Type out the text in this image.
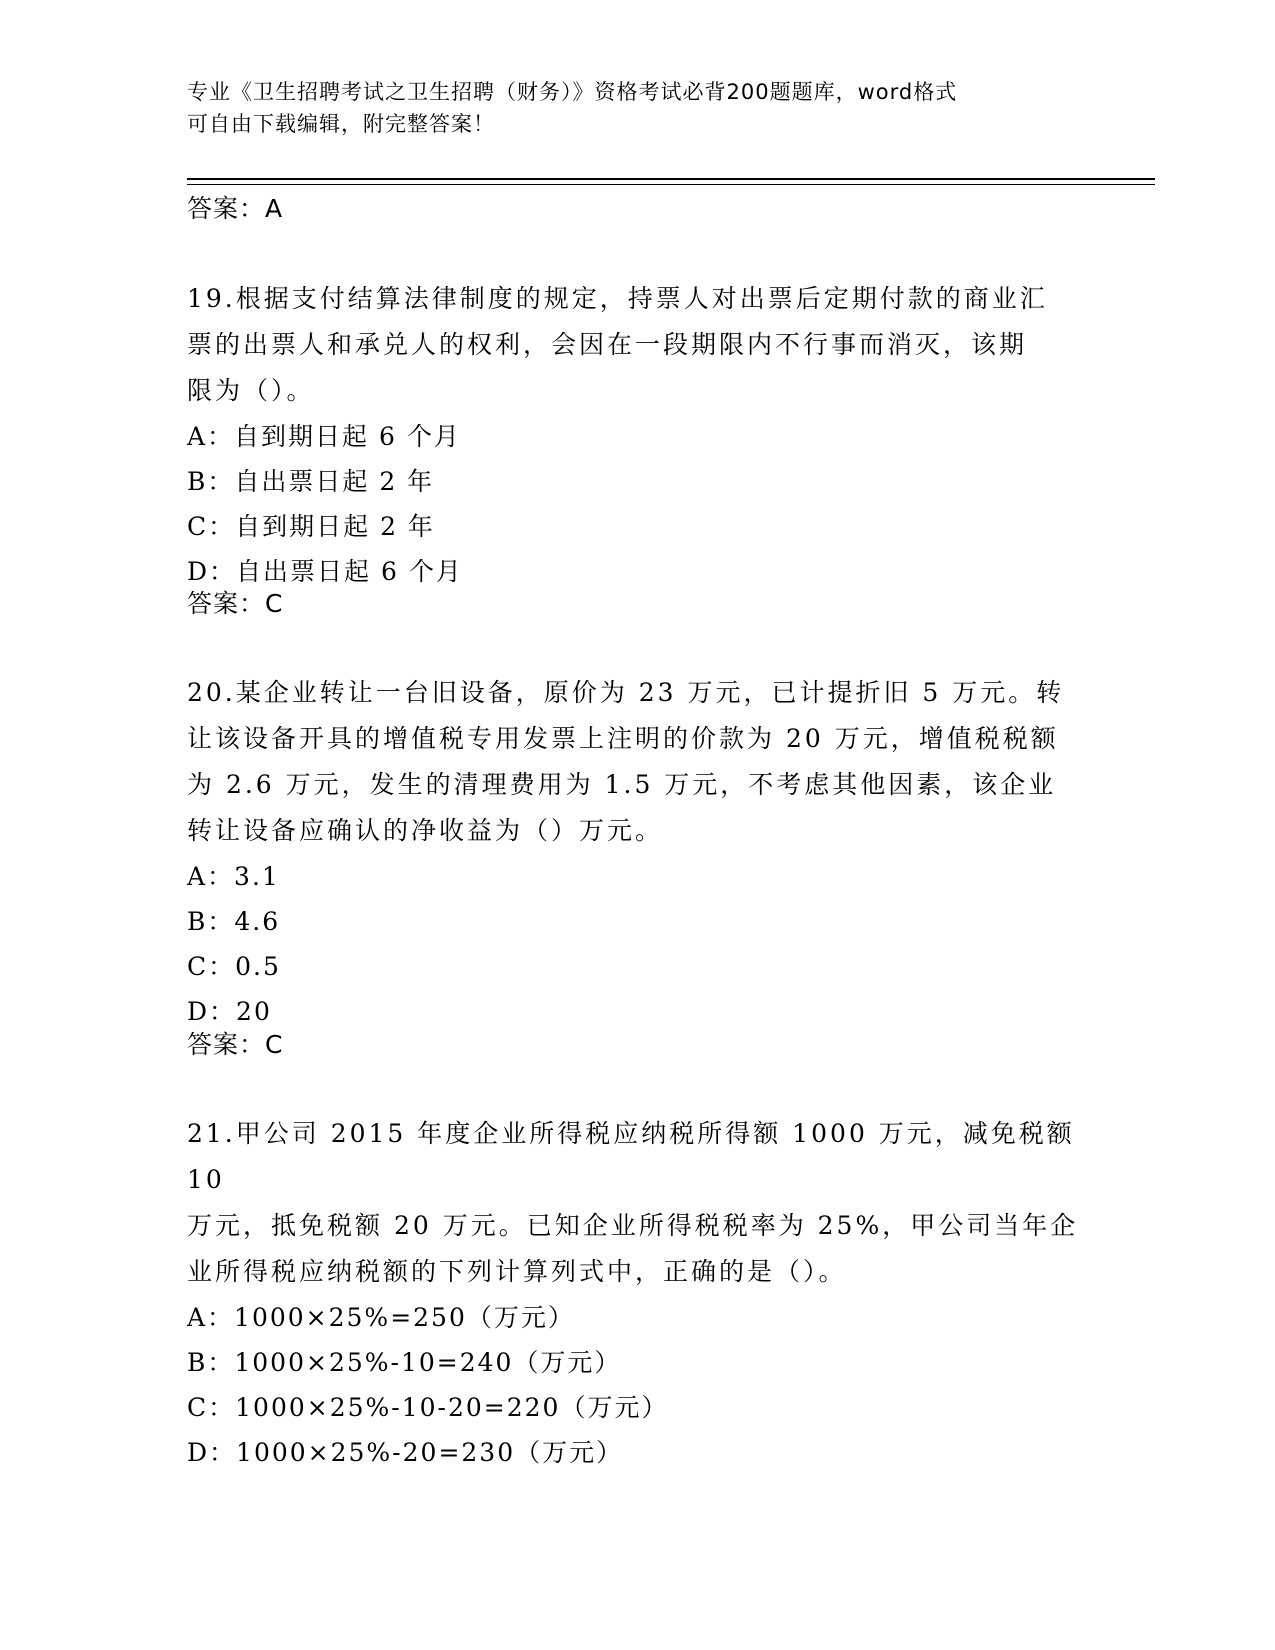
专业《卫生招聘考试之卫生招聘（财务）》资格考试必背200题题库，word格式
可自由下载编辑，附完整答案！
答案：A
19.根据支付结算法律制度的规定，持票人对出票后定期付款的商业汇
票的出票人和承兑人的权利，会因在一段期限内不行事而消灭，该期
限为（）。
A：自到期日起 6 个月
B：自出票日起 2 年
C：自到期日起 2 年
D：自出票日起 6 个月
答案：C
20.某企业转让一台旧设备，原价为 23 万元，已计提折旧 5 万元。转
让该设备开具的增值税专用发票上注明的价款为 20 万元，增值税税额
为 2.6 万元，发生的清理费用为 1.5 万元，不考虑其他因素，该企业
转让设备应确认的净收益为（）万元。
A：3.1
B：4.6
C：0.5
D：20
答案：C
21.甲公司 2015 年度企业所得税应纳税所得额 1000 万元，减免税额 10
万元，抵免税额 20 万元。已知企业所得税税率为 25%，甲公司当年企
业所得税应纳税额的下列计算列式中，正确的是（）。
A：1000×25%=250（万元）
B：1000×25%-10=240（万元）
C：1000×25%-10-20=220（万元）
D：1000×25%-20=230（万元）
